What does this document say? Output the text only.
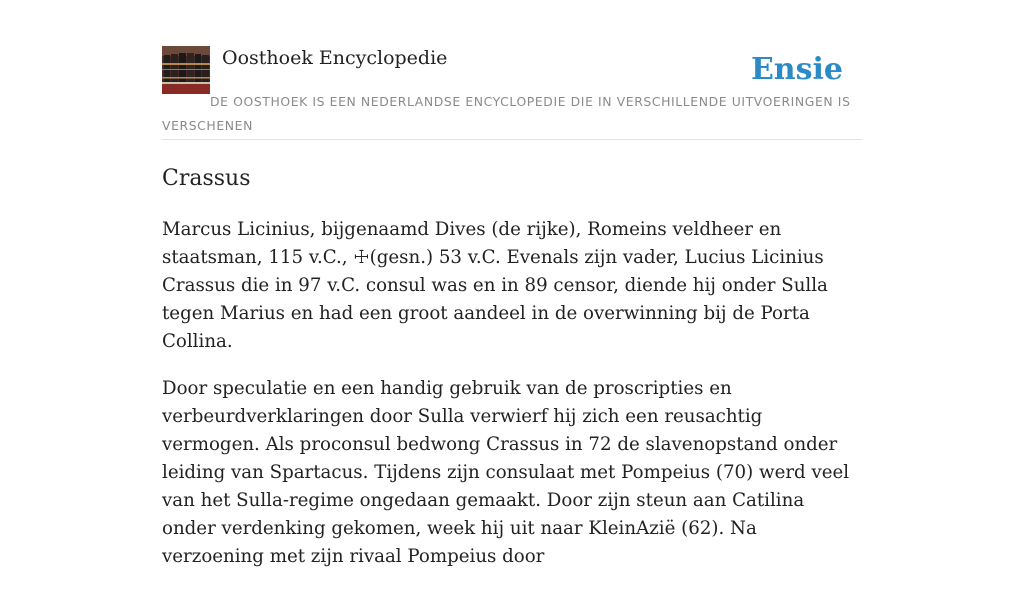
Oosthoek Encyclopedie	Ensie
DE OOSTHOEK IS EEN NEDERLANDSE ENCYCLOPEDIE DIE IN VERSCHILLENDE UITVOERINGEN IS VERSCHENEN
Crassus

Marcus Licinius, bijgenaamd Dives (de rijke), Romeins veldheer en staatsman, 115 v.C., ☩(gesn.) 53 v.C. Evenals zijn vader, Lucius Licinius Crassus die in 97 v.C. consul was en in 89 censor, diende hij onder Sulla tegen Marius en had een groot aandeel in de overwinning bij de Porta Collina.

Door speculatie en een handig gebruik van de proscripties en verbeurdverklaringen door Sulla verwierf hij zich een reusachtig vermogen. Als proconsul bedwong Crassus in 72 de slavenopstand onder leiding van Spartacus. Tijdens zijn consulaat met Pompeius (70) werd veel van het Sulla-regime ongedaan gemaakt. Door zijn steun aan Catilina onder verdenking gekomen, week hij uit naar KleinAzië (62). Na verzoening met zijn rivaal Pompeius door
